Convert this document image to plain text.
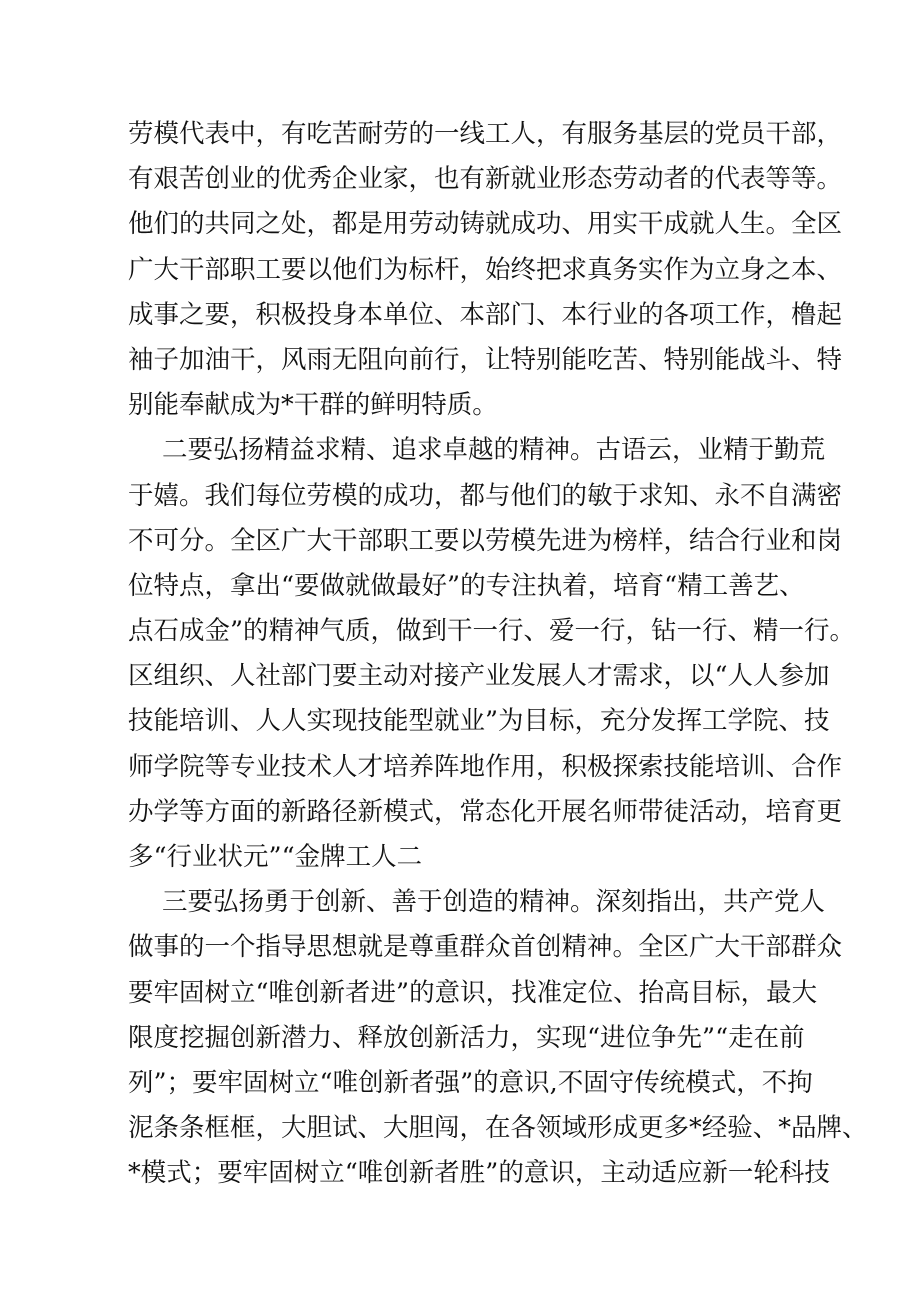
劳模代表中，有吃苦耐劳的一线工人，有服务基层的党员干部，
有艰苦创业的优秀企业家，也有新就业形态劳动者的代表等等。
他们的共同之处，都是用劳动铸就成功、用实干成就人生。全区
广大干部职工要以他们为标杆，始终把求真务实作为立身之本、
成事之要，积极投身本单位、本部门、本行业的各项工作，橹起
袖子加油干，风雨无阻向前行，让特别能吃苦、特别能战斗、特
别能奉献成为*干群的鲜明特质。
二要弘扬精益求精、追求卓越的精神。古语云，业精于勤荒
于嬉。我们每位劳模的成功，都与他们的敏于求知、永不自满密
不可分。全区广大干部职工要以劳模先进为榜样，结合行业和岗
位特点，拿出“要做就做最好”的专注执着，培育“精工善艺、
点石成金”的精神气质，做到干一行、爱一行，钻一行、精一行。
区组织、人社部门要主动对接产业发展人才需求，以“人人参加
技能培训、人人实现技能型就业”为目标，充分发挥工学院、技
师学院等专业技术人才培养阵地作用，积极探索技能培训、合作
办学等方面的新路径新模式，常态化开展名师带徒活动，培育更
多“行业状元”“金牌工人二
三要弘扬勇于创新、善于创造的精神。深刻指出，共产党人
做事的一个指导思想就是尊重群众首创精神。全区广大干部群众
要牢固树立“唯创新者进”的意识，找准定位、抬高目标，最大
限度挖掘创新潜力、释放创新活力，实现“进位争先”“走在前
列”；要牢固树立“唯创新者强”的意识,不固守传统模式，不拘
泥条条框框，大胆试、大胆闯，在各领域形成更多*经验、*品牌、
*模式；要牢固树立“唯创新者胜”的意识，主动适应新一轮科技
